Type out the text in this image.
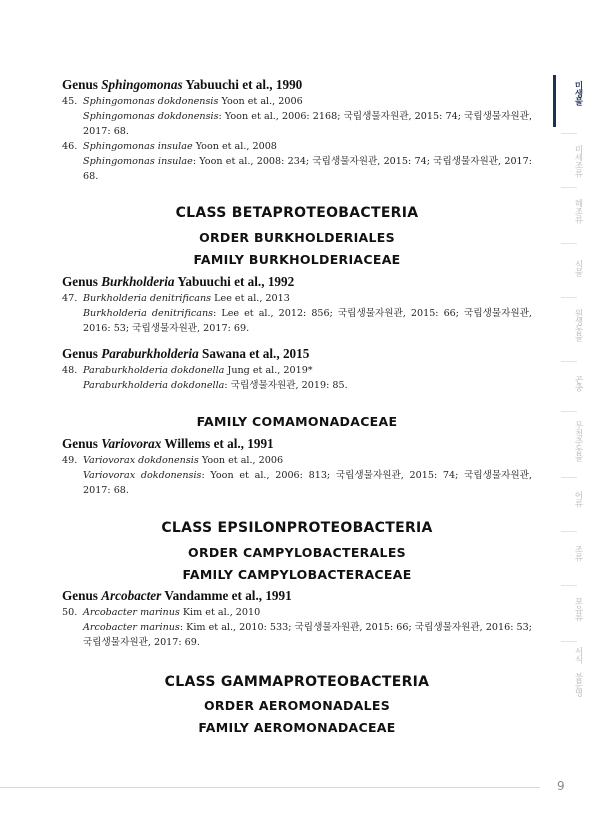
Genus Sphingomonas Yabuuchi et al., 1990
45. Sphingomonas dokdonensis Yoon et al., 2006
Sphingomonas dokdonensis: Yoon et al., 2006: 2168; 국립생물자원관, 2015: 74; 국립생물자원관, 2017: 68.
46. Sphingomonas insulae Yoon et al., 2008
Sphingomonas insulae: Yoon et al., 2008: 234; 국립생물자원관, 2015: 74; 국립생물자원관, 2017: 68.
Genus Burkholderia Yabuuchi et al., 1992
47. Burkholderia denitrificans Lee et al., 2013
Burkholderia denitrificans: Lee et al., 2012: 856; 국립생물자원관, 2015: 66; 국립생물자원관, 2016: 53; 국립생물자원관, 2017: 69.
Genus Paraburkholderia Sawana et al., 2015
48. Paraburkholderia dokdonella Jung et al., 2019*
Paraburkholderia dokdonella: 국립생물자원관, 2019: 85.
Genus Variovorax Willems et al., 1991
49. Variovorax dokdonensis Yoon et al., 2006
Variovorax dokdonensis: Yoon et al., 2006: 813; 국립생물자원관, 2015: 74; 국립생물자원관, 2017: 68.
Genus Arcobacter Vandamme et al., 1991
50. Arcobacter marinus Kim et al., 2010
Arcobacter marinus: Kim et al., 2010: 533; 국립생물자원관, 2015: 66; 국립생물자원관, 2016: 53; 국립생물자원관, 2017: 69.
CLASS BETAPROTEOBACTERIA
ORDER BURKHOLDERIALES
FAMILY BURKHOLDERIACEAE
FAMILY COMAMONADACEAE
CLASS EPSILONPROTEOBACTERIA
ORDER CAMPYLOBACTERALES
FAMILY CAMPYLOBACTERACEAE
CLASS GAMMAPROTEOBACTERIA
ORDER AEROMONADALES
FAMILY AEROMONADACEAE
미생물
미세조류
해조류
식물
원생동물
곤충
무척추동물
어류
조류
포유류
서식 불분명
9
